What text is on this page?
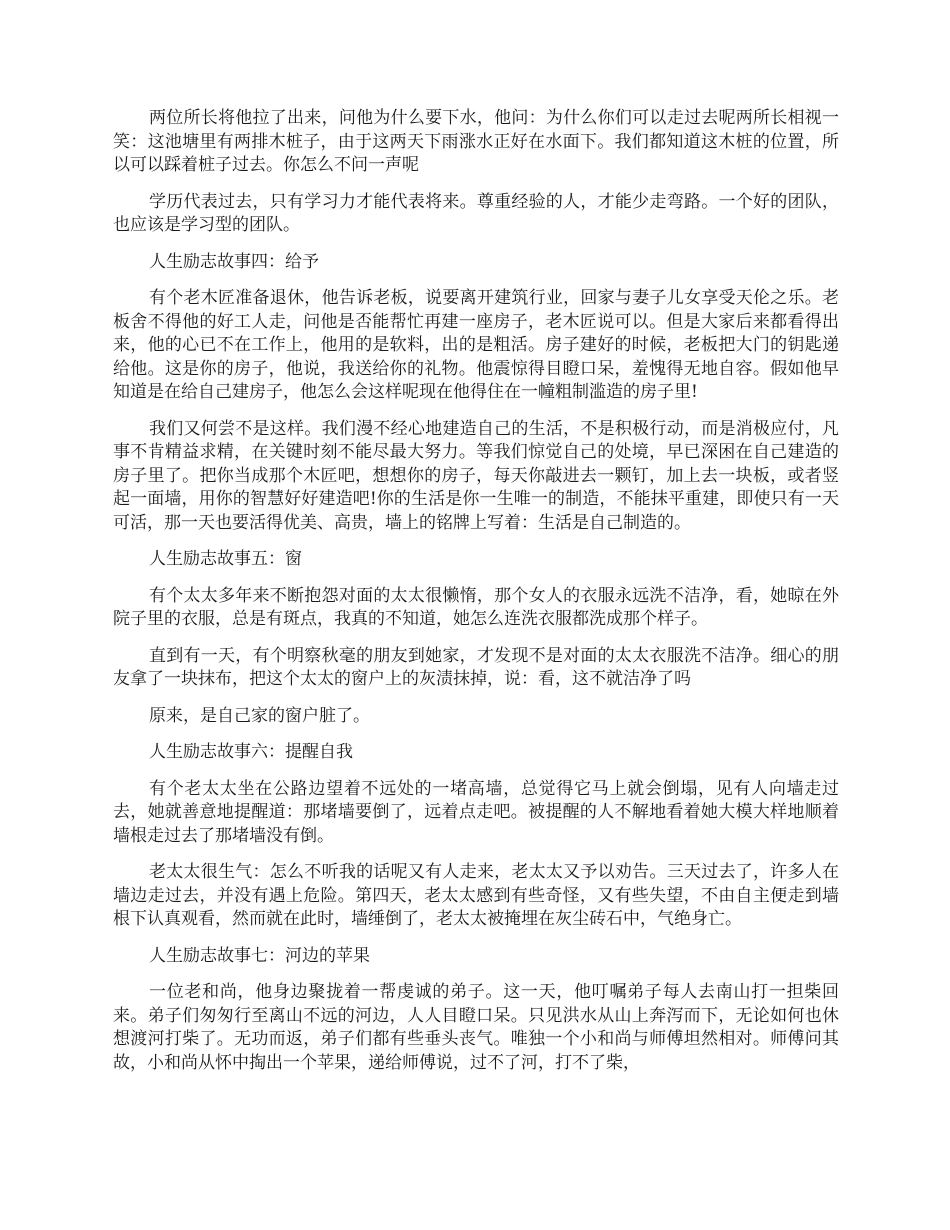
两位所长将他拉了出来，问他为什么要下水，他问：为什么你们可以走过去呢两所长相视一笑：这池塘里有两排木桩子，由于这两天下雨涨水正好在水面下。我们都知道这木桩的位置，所以可以踩着桩子过去。你怎么不问一声呢

学历代表过去，只有学习力才能代表将来。尊重经验的人，才能少走弯路。一个好的团队，也应该是学习型的团队。

人生励志故事四：给予

有个老木匠准备退休，他告诉老板，说要离开建筑行业，回家与妻子儿女享受天伦之乐。老板舍不得他的好工人走，问他是否能帮忙再建一座房子，老木匠说可以。但是大家后来都看得出来，他的心已不在工作上，他用的是软料，出的是粗活。房子建好的时候，老板把大门的钥匙递给他。这是你的房子，他说，我送给你的礼物。他震惊得目瞪口呆，羞愧得无地自容。假如他早知道是在给自己建房子，他怎么会这样呢现在他得住在一幢粗制滥造的房子里!

我们又何尝不是这样。我们漫不经心地建造自己的生活，不是积极行动，而是消极应付，凡事不肯精益求精，在关键时刻不能尽最大努力。等我们惊觉自己的处境，早已深困在自己建造的房子里了。把你当成那个木匠吧，想想你的房子，每天你敲进去一颗钉，加上去一块板，或者竖起一面墙，用你的智慧好好建造吧!你的生活是你一生唯一的制造，不能抹平重建，即使只有一天可活，那一天也要活得优美、高贵，墙上的铭牌上写着：生活是自己制造的。

人生励志故事五：窗

有个太太多年来不断抱怨对面的太太很懒惰，那个女人的衣服永远洗不洁净，看，她晾在外院子里的衣服，总是有斑点，我真的不知道，她怎么连洗衣服都洗成那个样子。

直到有一天，有个明察秋毫的朋友到她家，才发现不是对面的太太衣服洗不洁净。细心的朋友拿了一块抹布，把这个太太的窗户上的灰渍抹掉，说：看，这不就洁净了吗

原来，是自己家的窗户脏了。

人生励志故事六：提醒自我

有个老太太坐在公路边望着不远处的一堵高墙，总觉得它马上就会倒塌，见有人向墙走过去，她就善意地提醒道：那堵墙要倒了，远着点走吧。被提醒的人不解地看着她大模大样地顺着墙根走过去了那堵墙没有倒。

老太太很生气：怎么不听我的话呢又有人走来，老太太又予以劝告。三天过去了，许多人在墙边走过去，并没有遇上危险。第四天，老太太感到有些奇怪，又有些失望，不由自主便走到墙根下认真观看，然而就在此时，墙缍倒了，老太太被掩埋在灰尘砖石中，气绝身亡。

人生励志故事七：河边的苹果

一位老和尚，他身边聚拢着一帮虔诚的弟子。这一天，他叮嘱弟子每人去南山打一担柴回来。弟子们匆匆行至离山不远的河边，人人目瞪口呆。只见洪水从山上奔泻而下，无论如何也休想渡河打柴了。无功而返，弟子们都有些垂头丧气。唯独一个小和尚与师傅坦然相对。师傅问其故，小和尚从怀中掏出一个苹果，递给师傅说，过不了河，打不了柴，
